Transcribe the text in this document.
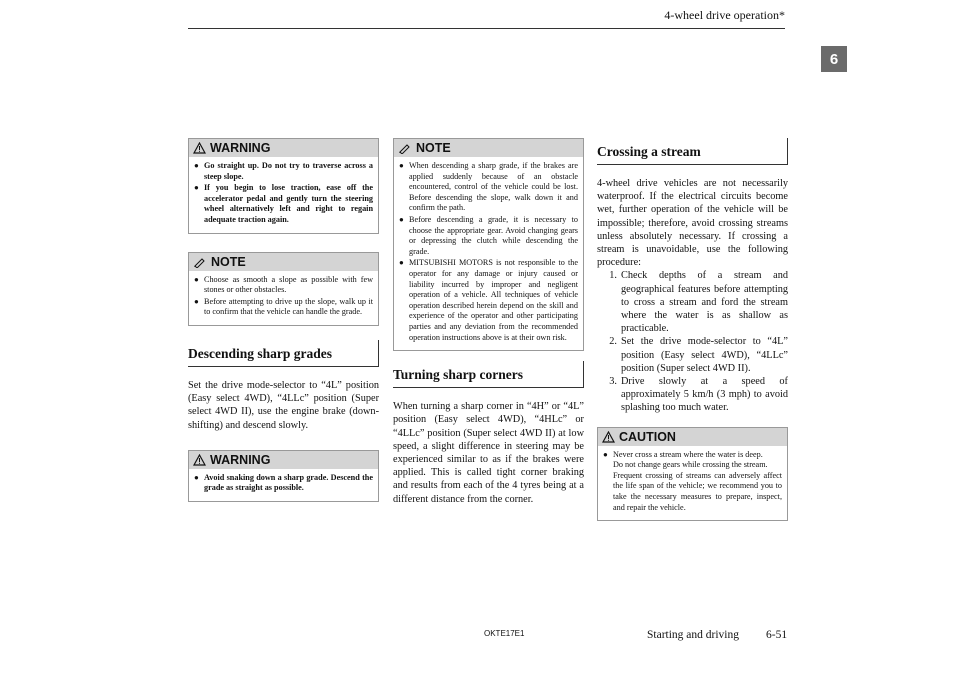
4-wheel drive operation*
6
WARNING
● Go straight up. Do not try to traverse across a steep slope.
● If you begin to lose traction, ease off the accelerator pedal and gently turn the steering wheel alternatively left and right to regain adequate traction again.
NOTE
● Choose as smooth a slope as possible with few stones or other obstacles.
● Before attempting to drive up the slope, walk up it to confirm that the vehicle can handle the grade.
Descending sharp grades
Set the drive mode-selector to “4L” position (Easy select 4WD), “4LLc” position (Super select 4WD II), use the engine brake (down-shifting) and descend slowly.
WARNING
● Avoid snaking down a sharp grade. Descend the grade as straight as possible.
NOTE
● When descending a sharp grade, if the brakes are applied suddenly because of an obstacle encountered, control of the vehicle could be lost. Before descending the slope, walk down it and confirm the path.
● Before descending a grade, it is necessary to choose the appropriate gear. Avoid changing gears or depressing the clutch while descending the grade.
● MITSUBISHI MOTORS is not responsible to the operator for any damage or injury caused or liability incurred by improper and negligent operation of a vehicle. All techniques of vehicle operation described herein depend on the skill and experience of the operator and other participating parties and any deviation from the recommended operation instructions above is at their own risk.
Turning sharp corners
When turning a sharp corner in “4H” or “4L” position (Easy select 4WD), “4HLc” or “4LLc” position (Super select 4WD II) at low speed, a slight difference in steering may be experienced similar to as if the brakes were applied. This is called tight corner braking and results from each of the 4 tyres being at a different distance from the corner.
Crossing a stream
4-wheel drive vehicles are not necessarily waterproof. If the electrical circuits become wet, further operation of the vehicle will be impossible; therefore, avoid crossing streams unless absolutely necessary. If crossing a stream is unavoidable, use the following procedure:
1. Check depths of a stream and geographical features before attempting to cross a stream and ford the stream where the water is as shallow as practicable.
2. Set the drive mode-selector to “4L” position (Easy select 4WD), “4LLc” position (Super select 4WD II).
3. Drive slowly at a speed of approximately 5 km/h (3 mph) to avoid splashing too much water.
CAUTION
● Never cross a stream where the water is deep.
Do not change gears while crossing the stream.
Frequent crossing of streams can adversely affect the life span of the vehicle; we recommend you to take the necessary measures to prepare, inspect, and repair the vehicle.
OKTE17E1	Starting and driving 6-51
